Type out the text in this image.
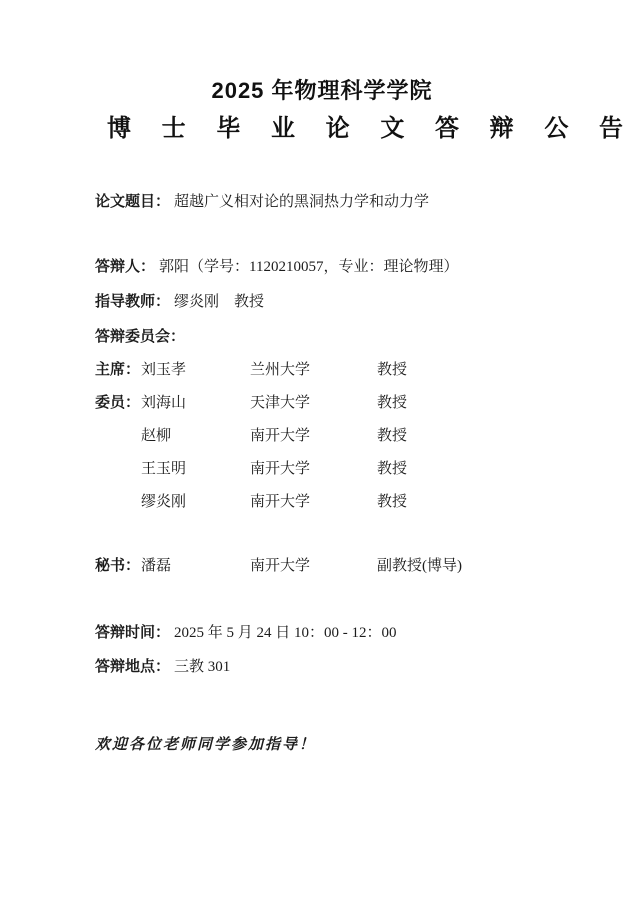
2025 年物理科学学院
博 士 毕 业 论 文 答 辩 公 告
论文题目： 超越广义相对论的黑洞热力学和动力学
答辩人： 郭阳（学号：1120210057，专业：理论物理）
指导教师： 缪炎刚　教授
答辩委员会：
主席： 刘玉孝	兰州大学	教授
委员： 刘海山	天津大学	教授
赵柳	南开大学	教授
王玉明	南开大学	教授
缪炎刚	南开大学	教授
秘书： 潘磊	南开大学	副教授(博导)
答辩时间： 2025 年 5 月 24 日 10：00 - 12：00
答辩地点： 三教 301
欢迎各位老师同学参加指导！
